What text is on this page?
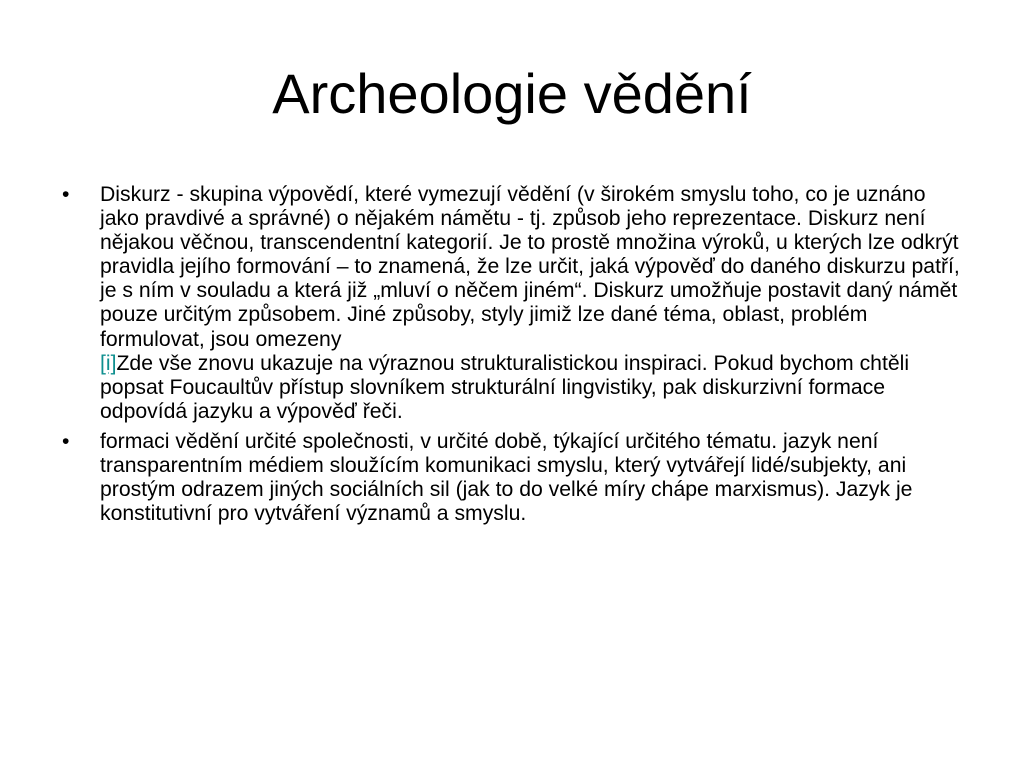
Archeologie vědění
• Diskurz - skupina výpovědí, které vymezují vědění (v širokém smyslu toho, co je uznáno jako pravdivé a správné) o nějakém námětu - tj. způsob jeho reprezentace. Diskurz není nějakou věčnou, transcendentní kategorií. Je to prostě množina výroků, u kterých lze odkrýt pravidla jejího formování – to znamená, že lze určit, jaká výpověď do daného diskurzu patří, je s ním v souladu a která již „mluví o něčem jiném“. Diskurz umožňuje postavit daný námět pouze určitým způsobem. Jiné způsoby, styly jimiž lze dané téma, oblast, problém formulovat, jsou omezeny
[i]Zde vše znovu ukazuje na výraznou strukturalistickou inspiraci. Pokud bychom chtěli popsat Foucaultův přístup slovníkem strukturální lingvistiky, pak diskurzivní formace odpovídá jazyku a výpověď řeči.
• formaci vědění určité společnosti, v určité době, týkající určitého tématu. jazyk není transparentním médiem sloužícím komunikaci smyslu, který vytvářejí lidé/subjekty, ani prostým odrazem jiných sociálních sil (jak to do velké míry chápe marxismus). Jazyk je konstitutivní pro vytváření významů a smyslu.
